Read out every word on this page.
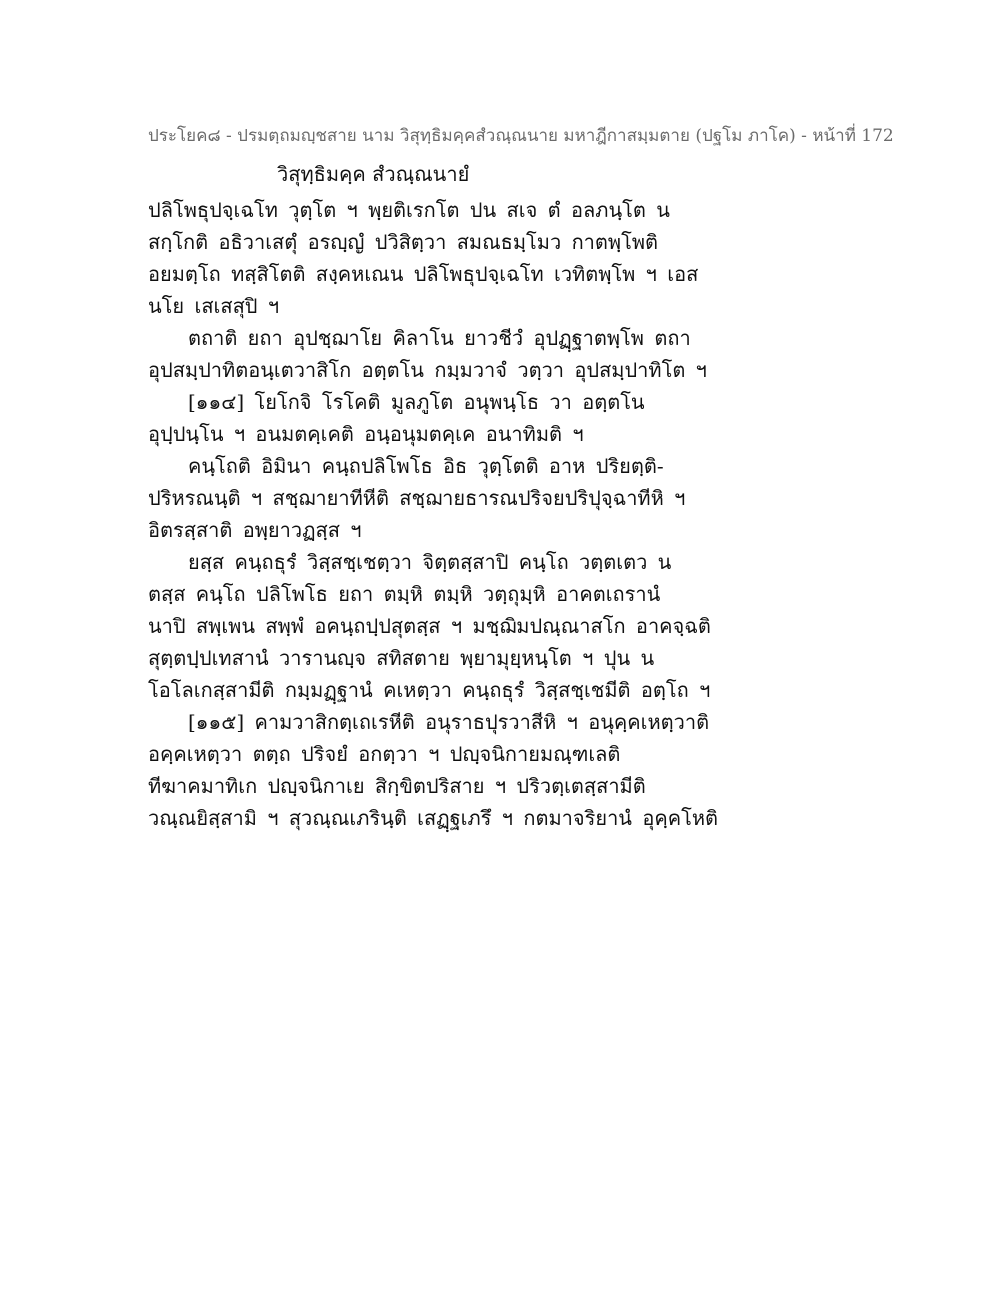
ประโยค๘ - ปรมตฺถมญฺชสาย นาม วิสุทฺธิมคฺคสํวณฺณนาย มหาฎีกาสมฺมตาย (ปฐโม ภาโค) - หน้าที่ 172
วิสุทฺธิมคฺค สํวณฺณนายํ
ปลิโพธุปจฺเฉโท วุตฺโต ฯ พฺยติเรกโต ปน สเจ ตํ อลภนฺโต น
สกฺโกติ อธิวาเสตุํ อรญฺญํ ปวิสิตฺวา สมณธมฺโมว กาตพฺโพติ
อยมตฺโถ ทสฺสิโตติ สงฺคหเณน ปลิโพธุปจฺเฉโท เวทิตพฺโพ ฯ เอส
นโย เสเสสุปิ ฯ
ตถาติ ยถา อุปชฺฌาโย คิลาโน ยาวชีวํ อุปฏฺฐาตพฺโพ ตถา
อุปสมฺปาทิตอนฺเตวาสิโก อตฺตโน กมฺมวาจํ วตฺวา อุปสมฺปาทิโต ฯ
[๑๑๔] โยโกจิ โรโคติ มูลภูโต อนุพนฺโธ วา อตฺตโน
อุปฺปนฺโน ฯ อนมตคฺเคติ อนฺอนุมตคฺเค อนาทิมติ ฯ
คนฺโถติ อิมินา คนฺถปลิโพโธ อิธ วุตฺโตติ อาห ปริยตฺติ-
ปริหรณนฺติ ฯ สชฺฌายาทีหีติ สชฺฌายธารณปริจยปริปุจฺฉาทีหิ ฯ
อิตรสฺสาติ อพฺยาวฏสฺส ฯ
ยสฺส คนฺถธุรํ วิสฺสชฺเชตฺวา จิตฺตสฺสาปิ คนฺโถ วตฺตเตว น
ตสฺส คนฺโถ ปลิโพโธ ยถา ตมฺหิ ตมฺหิ วตฺถุมฺหิ อาคตเถรานํ
นาปิ สพฺเพน สพฺพํ อคนฺถปฺปสุตสฺส ฯ มชฺฌิมปณฺณาสโก อาคจฺฉติ
สุตฺตปฺปเทสานํ วารานญฺจ สทิสตาย พฺยามุยฺหนฺโต ฯ ปุน น
โอโลเกสฺสามีติ กมฺมฏฺฐานํ คเหตฺวา คนฺถธุรํ วิสฺสชฺเชมีติ อตฺโถ ฯ
[๑๑๕] คามวาสิกตฺเถเรหีติ อนุราธปุรวาสีหิ ฯ อนุคฺคเหตฺวาติ
อคฺคเหตฺวา ตตฺถ ปริจยํ อกตฺวา ฯ ปญฺจนิกายมณฺฑเลติ
ทีฆาคมาทิเก ปญฺจนิกาเย สิกฺขิตปริสาย ฯ ปริวตฺเตสฺสามีติ
วณฺณยิสฺสามิ ฯ สุวณฺณเภรินฺติ เสฏฺฐเภรึ ฯ กตมาจริยานํ อุคฺคโหติ
